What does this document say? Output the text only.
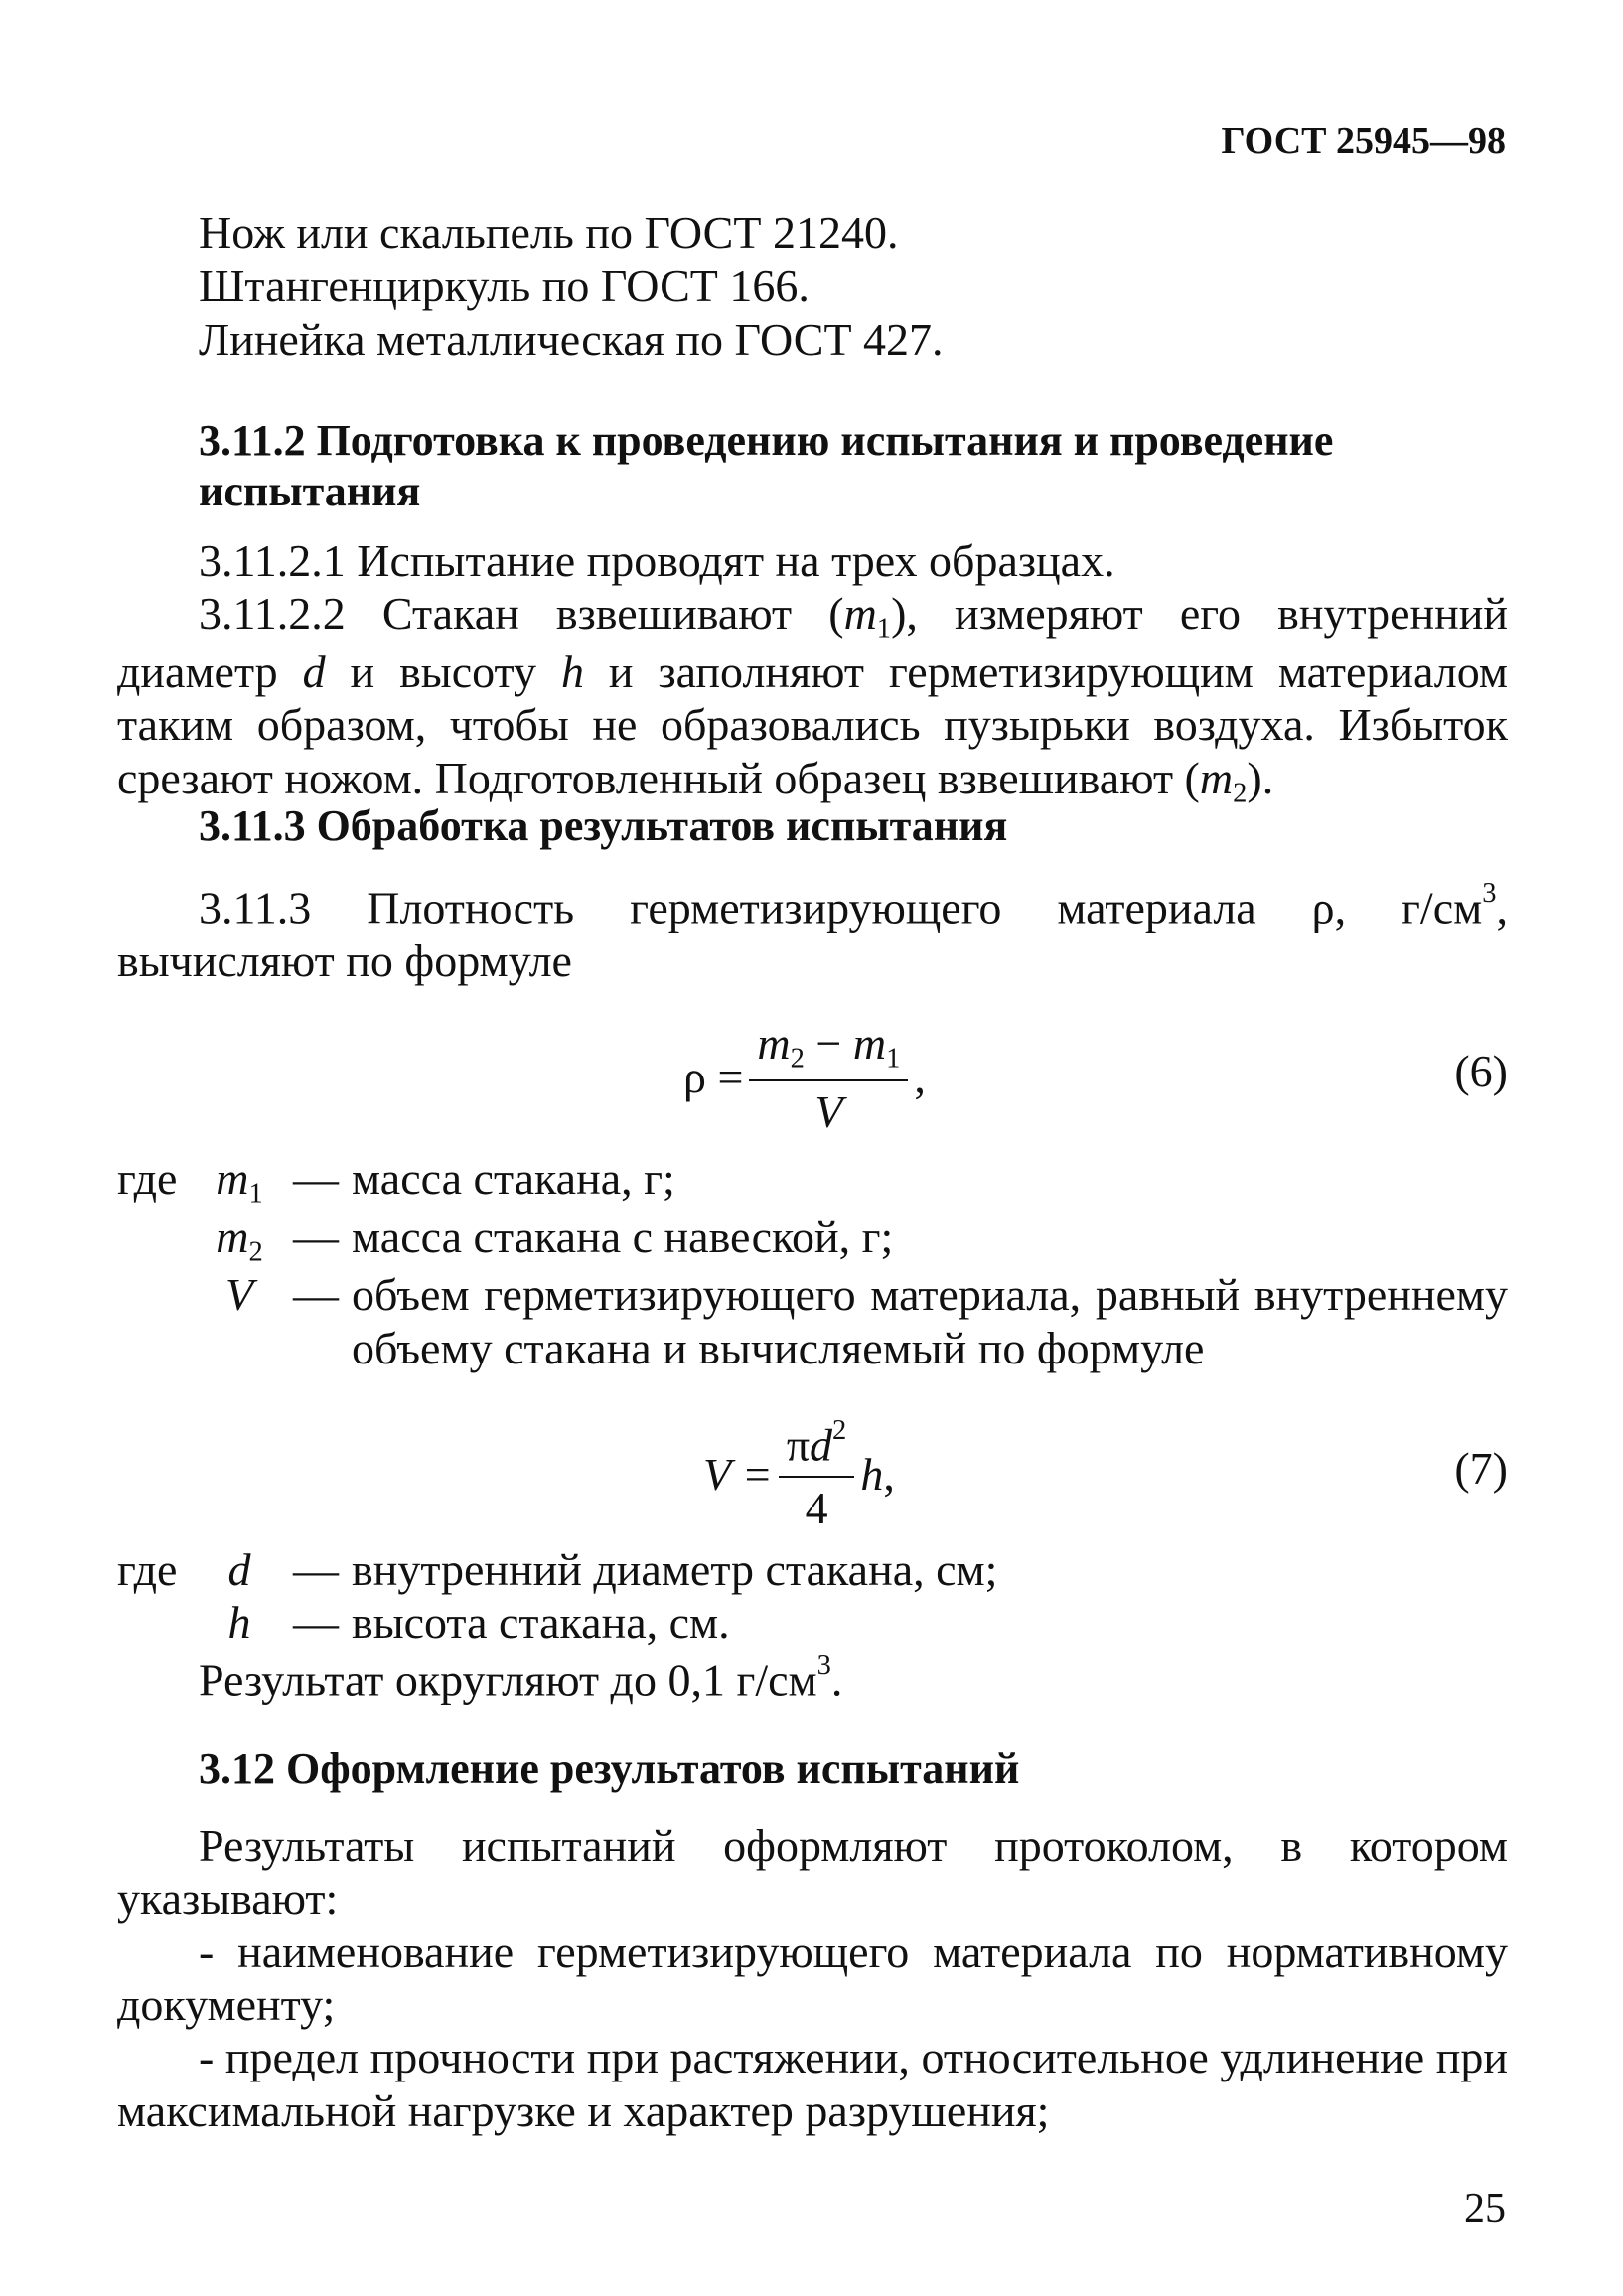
ГОСТ 25945—98

Нож или скальпель по ГОСТ 21240.

Штангенциркуль по ГОСТ 166.

Линейка металлическая по ГОСТ 427.

3.11.2 Подготовка к проведению испытания и проведение испытания

3.11.2.1 Испытание проводят на трех образцах.

3.11.2.2 Стакан взвешивают $(m_1)$, измеряют его внутренний диаметр d и высоту h и заполняют герметизирующим материалом таким образом, чтобы не образовались пузырьки воздуха. Избыток срезают ножом. Подготовленный образец взвешивают $(m_2)$.

3.11.3 Обработка результатов испытания

3.11.3 Плотность герметизирующего материала ρ, $г/см^3$, вычисляют по формуле

$\rho = \frac{m_2 - m_1}{V}$ ,	(6)
где $m_1$ — масса стакана, г;
$m_2$ — масса стакана с навеской, г;
V — объем герметизирующего материала, равный внутреннему объему стакана и вычисляемый по формуле
$V = \frac{\pi d^2}{4}$ h ,	(7)
где	d — внутренний диаметр стакана, см;
h — высота стакана, см.

Результат округляют до 0,1 $г/см^3$.

3.12 Оформление результатов испытаний

Результаты испытаний оформляют протоколом, в котором указывают:

- наименование герметизирующего материала по нормативному документу;

- предел прочности при растяжении, относительное удлинение при максимальной нагрузке и характер разрушения;

25
